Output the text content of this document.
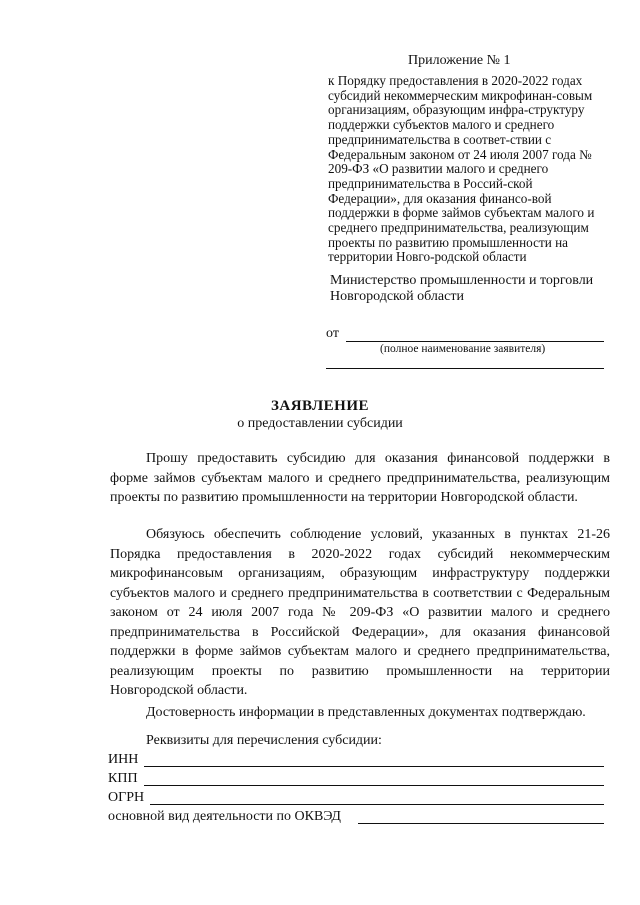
Приложение № 1
к Порядку предоставления в 2020-2022 годах субсидий некоммерческим микрофинан-совым организациям, образующим инфра-структуру поддержки субъектов малого и среднего предпринимательства в соответ-ствии с Федеральным законом от 24 июля 2007 года № 209-ФЗ «О развитии малого и среднего предпринимательства в Россий-ской Федерации», для оказания финансо-вой поддержки в форме займов субъектам малого и среднего предпринимательства, реализующим проекты по развитию промышленности на территории Новго-родской области
Министерство промышленности и торговли Новгородской области
от
(полное наименование заявителя)
ЗАЯВЛЕНИЕ
о предоставлении субсидии
Прошу предоставить субсидию для оказания финансовой поддержки в форме займов субъектам малого и среднего предпринимательства, реализующим проекты по развитию промышленности на территории Новгородской области.
Обязуюсь обеспечить соблюдение условий, указанных в пунктах 21-26 Порядка предоставления в 2020-2022 годах субсидий некоммерческим микрофинансовым организациям, образующим инфраструктуру поддержки субъектов малого и среднего предпринимательства в соответствии с Федеральным законом от 24 июля 2007 года № 209-ФЗ «О развитии малого и среднего предпринимательства в Российской Федерации», для оказания финансовой поддержки в форме займов субъектам малого и среднего предпринимательства, реализующим проекты по развитию промышленности на территории Новгородской области.
Достоверность информации в представленных документах подтверждаю.
Реквизиты для перечисления субсидии:
ИНН
КПП
ОГРН
основной вид деятельности по ОКВЭД
